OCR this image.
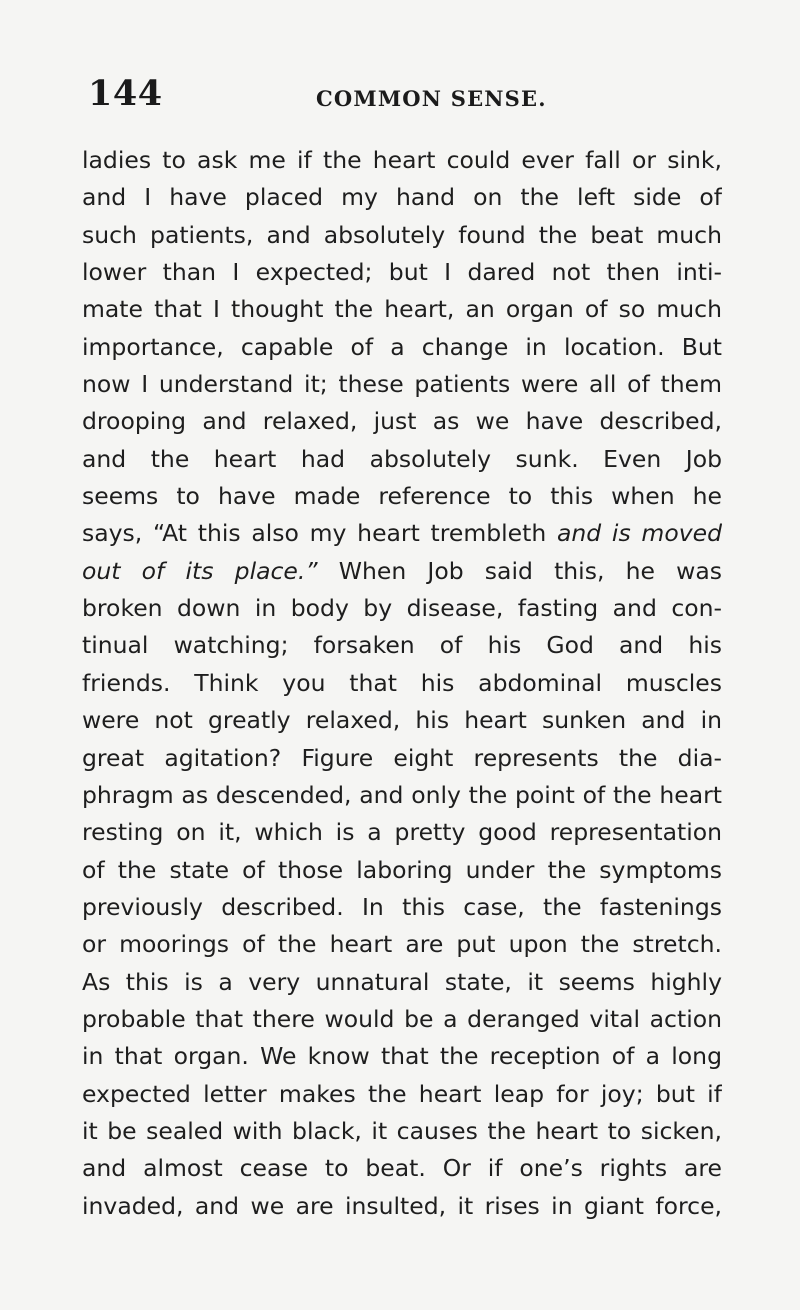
144	COMMON SENSE.
ladies to ask me if the heart could ever fall or sink,
and I have placed my hand on the left side of
such patients, and absolutely found the beat much
lower than I expected; but I dared not then inti-
mate that I thought the heart, an organ of so much
importance, capable of a change in location. But
now I understand it; these patients were all of them
drooping and relaxed, just as we have described,
and the heart had absolutely sunk. Even Job
seems to have made reference to this when he
says, “At this also my heart trembleth and is moved
out of its place.” When Job said this, he was
broken down in body by disease, fasting and con-
tinual watching; forsaken of his God and his
friends. Think you that his abdominal muscles
were not greatly relaxed, his heart sunken and in
great agitation? Figure eight represents the dia-
phragm as descended, and only the point of the heart
resting on it, which is a pretty good representation
of the state of those laboring under the symptoms
previously described. In this case, the fastenings
or moorings of the heart are put upon the stretch.
As this is a very unnatural state, it seems highly
probable that there would be a deranged vital action
in that organ. We know that the reception of a long
expected letter makes the heart leap for joy; but if
it be sealed with black, it causes the heart to sicken,
and almost cease to beat. Or if one’s rights are
invaded, and we are insulted, it rises in giant force,
